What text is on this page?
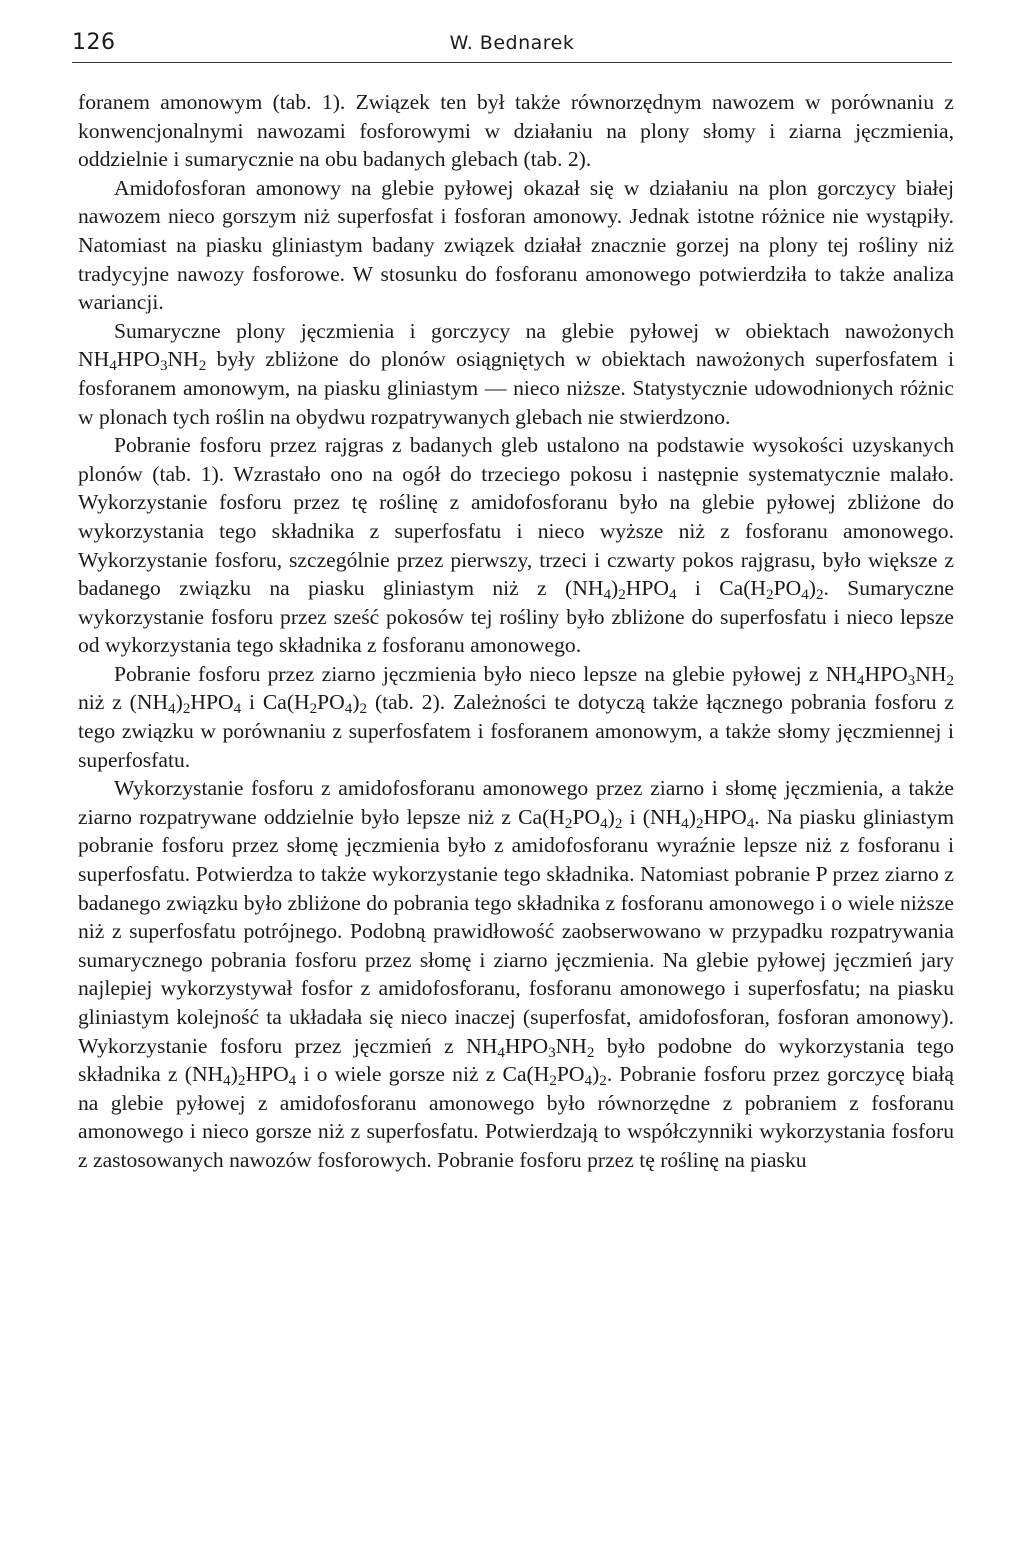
126	W. Bednarek

foranem amonowym (tab. 1). Związek ten był także równorzędnym nawozem w porównaniu z konwencjonalnymi nawozami fosforowymi w działaniu na plony słomy i ziarna jęczmienia, oddzielnie i sumarycznie na obu badanych glebach (tab. 2).

Amidofosforan amonowy na glebie pyłowej okazał się w działaniu na plon gorczycy białej nawozem nieco gorszym niż superfosfat i fosforan amonowy. Jednak istotne różnice nie wystąpiły. Natomiast na piasku gliniastym badany związek działał znacznie gorzej na plony tej rośliny niż tradycyjne nawozy fosforowe. W stosunku do fosforanu amonowego potwierdziła to także analiza wariancji.

Sumaryczne plony jęczmienia i gorczycy na glebie pyłowej w obiektach nawożonych $NH_4HPO_3NH_2$ były zbliżone do plonów osiągniętych w obiektach nawożonych superfosfatem i fosforanem amonowym, na piasku gliniastym — nieco niższe. Statystycznie udowodnionych różnic w plonach tych roślin na obydwu rozpatrywanych glebach nie stwierdzono.

Pobranie fosforu przez rajgras z badanych gleb ustalono na podstawie wysokości uzyskanych plonów (tab. 1). Wzrastało ono na ogół do trzeciego pokosu i następnie systematycznie malało. Wykorzystanie fosforu przez tę roślinę z amidofosforanu było na glebie pyłowej zbliżone do wykorzystania tego składnika z superfosfatu i nieco wyższe niż z fosforanu amonowego. Wykorzystanie fosforu, szczególnie przez pierwszy, trzeci i czwarty pokos rajgrasu, było większe z badanego związku na piasku gliniastym niż z $(NH_4)_2HPO_4$ i $Ca(H_2PO_4)_2$. Sumaryczne wykorzystanie fosforu przez sześć pokosów tej rośliny było zbliżone do superfosfatu i nieco lepsze od wykorzystania tego składnika z fosforanu amonowego.

Pobranie fosforu przez ziarno jęczmienia było nieco lepsze na glebie pyłowej z $NH_4HPO_3NH_2$ niż z $(NH_4)_2HPO_4$ i $Ca(H_2PO_4)_2$ (tab. 2). Zależności te dotyczą także łącznego pobrania fosforu z tego związku w porównaniu z superfosfatem i fosforanem amonowym, a także słomy jęczmiennej i superfosfatu.

Wykorzystanie fosforu z amidofosforanu amonowego przez ziarno i słomę jęczmienia, a także ziarno rozpatrywane oddzielnie było lepsze niż z $Ca(H_2PO_4)_2$ i $(NH_4)_2HPO_4$. Na piasku gliniastym pobranie fosforu przez słomę jęczmienia było z amidofosforanu wyraźnie lepsze niż z fosforanu i superfosfatu. Potwierdza to także wykorzystanie tego składnika. Natomiast pobranie P przez ziarno z badanego związku było zbliżone do pobrania tego składnika z fosforanu amonowego i o wiele niższe niż z superfosfatu potrójnego. Podobną prawidłowość zaobserwowano w przypadku rozpatrywania sumarycznego pobrania fosforu przez słomę i ziarno jęczmienia. Na glebie pyłowej jęczmień jary najlepiej wykorzystywał fosfor z amidofosforanu, fosforanu amonowego i superfosfatu; na piasku gliniastym kolejność ta układała się nieco inaczej (superfosfat, amidofosforan, fosforan amonowy). Wykorzystanie fosforu przez jęczmień z $NH_4HPO_3NH_2$ było podobne do wykorzystania tego składnika z $(NH_4)_2HPO_4$ i o wiele gorsze niż z $Ca(H_2PO_4)_2$. Pobranie fosforu przez gorczycę białą na glebie pyłowej z amidofosforanu amonowego było równorzędne z pobraniem z fosforanu amonowego i nieco gorsze niż z superfosfatu. Potwierdzają to współczynniki wykorzystania fosforu z zastosowanych nawozów fosforowych. Pobranie fosforu przez tę roślinę na piasku
